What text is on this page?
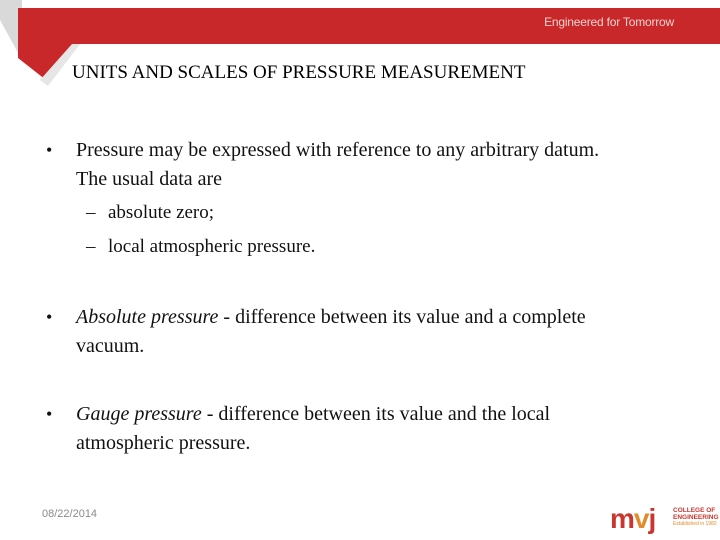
Engineered for Tomorrow
UNITS AND SCALES OF PRESSURE MEASUREMENT
• Pressure may be expressed with reference to any arbitrary datum.
The usual data are
– absolute zero;
– local atmospheric pressure.
• Absolute pressure - difference between its value and a complete
vacuum.
• Gauge pressure - difference between its value and the local
atmospheric pressure.
08/22/2014	mvj	COLLEGE OF
ENGINEERING
Established in 1982
